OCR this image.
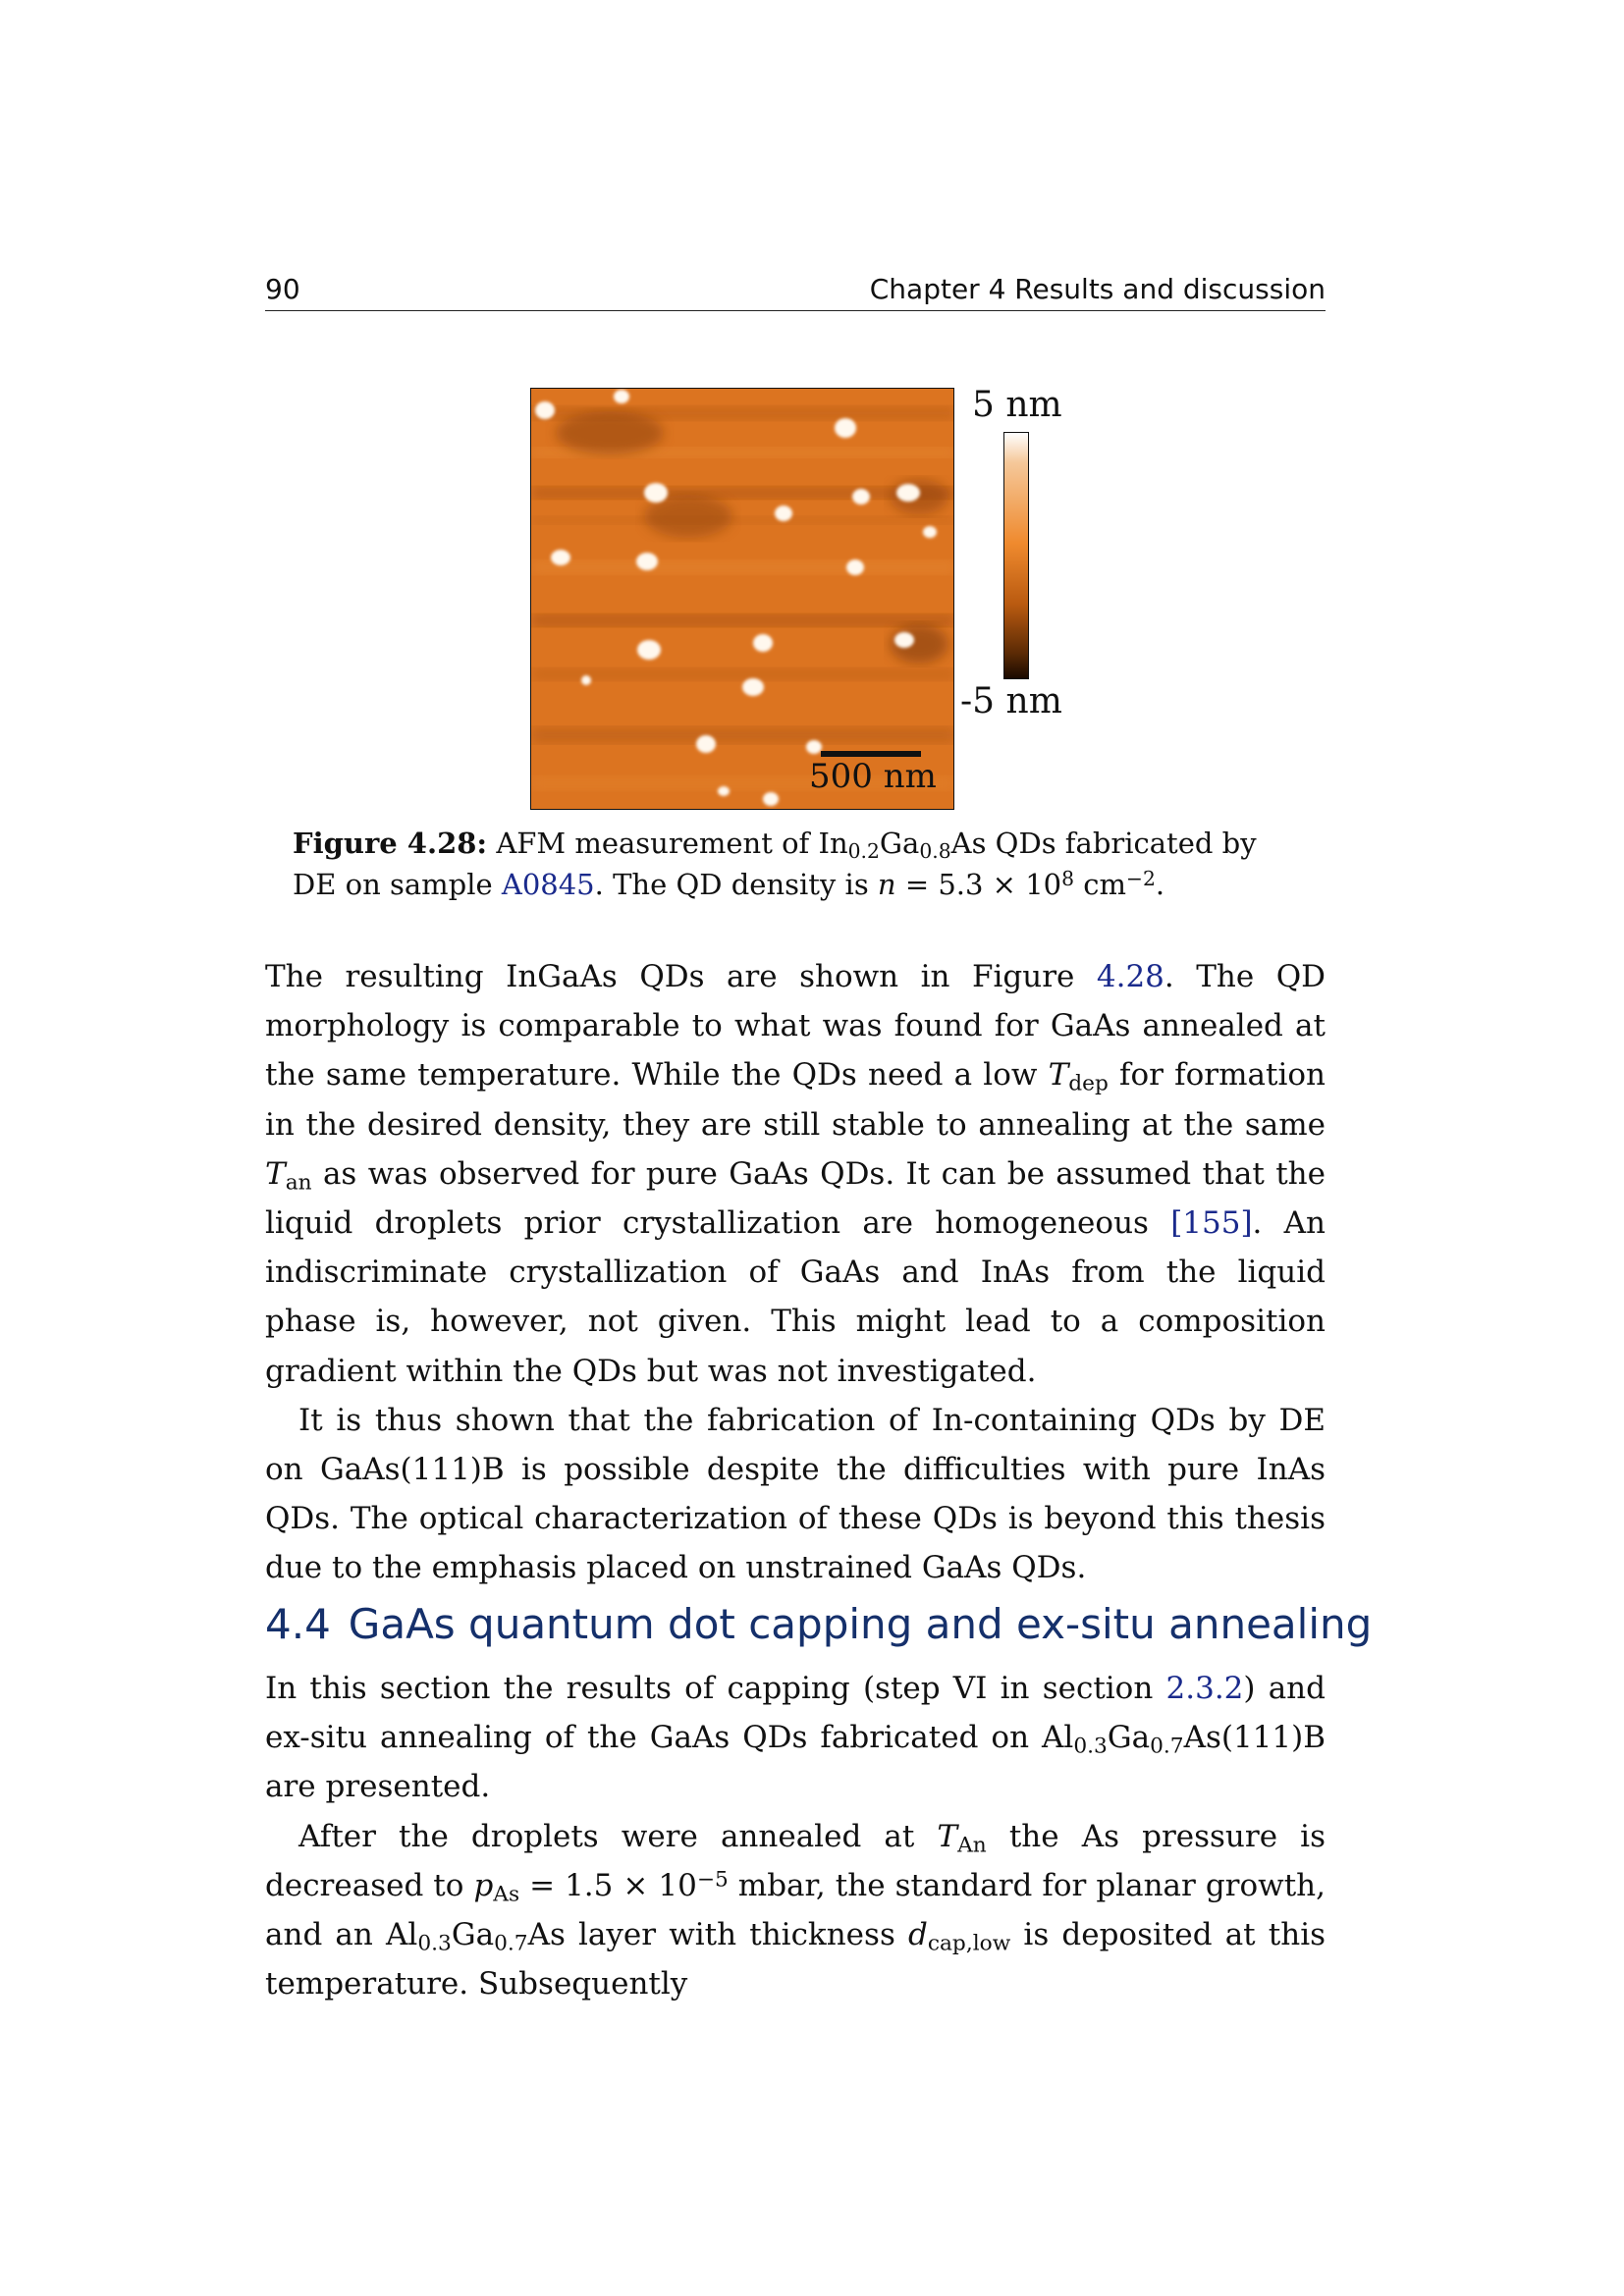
90	Chapter 4 Results and discussion
500 nm
5 nm
-5 nm
Figure 4.28: AFM measurement of $In_{0.2}Ga_{0.8}As$ QDs fabricated by DE on sample A0845. The QD density is $n = 5.3 \times 10^8$ $cm^{-2}$.

The resulting InGaAs QDs are shown in Figure 4.28. The QD morphology is comparable to what was found for GaAs annealed at the same temperature. While the QDs need a low $T_{dep}$ for formation in the desired density, they are still stable to annealing at the same $T_{an}$ as was observed for pure GaAs QDs. It can be assumed that the liquid droplets prior crystallization are homogeneous [155]. An indiscriminate crystallization of GaAs and InAs from the liquid phase is, however, not given. This might lead to a composition gradient within the QDs but was not investigated.

It is thus shown that the fabrication of In-containing QDs by DE on GaAs(111)B is possible despite the difficulties with pure InAs QDs. The optical characterization of these QDs is beyond this thesis due to the emphasis placed on unstrained GaAs QDs.

4.4 GaAs quantum dot capping and ex-situ annealing

In this section the results of capping (step VI in section 2.3.2) and ex-situ annealing of the GaAs QDs fabricated on $Al_{0.3}Ga_{0.7}As(111)B$ are presented.

After the droplets were annealed at $T_{An}$ the As pressure is decreased to $p_{As} = 1.5 \times 10^{-5}$ mbar, the standard for planar growth, and an $Al_{0.3}Ga_{0.7}As$ layer with thickness $d_{cap,low}$ is deposited at this temperature. Subsequently
